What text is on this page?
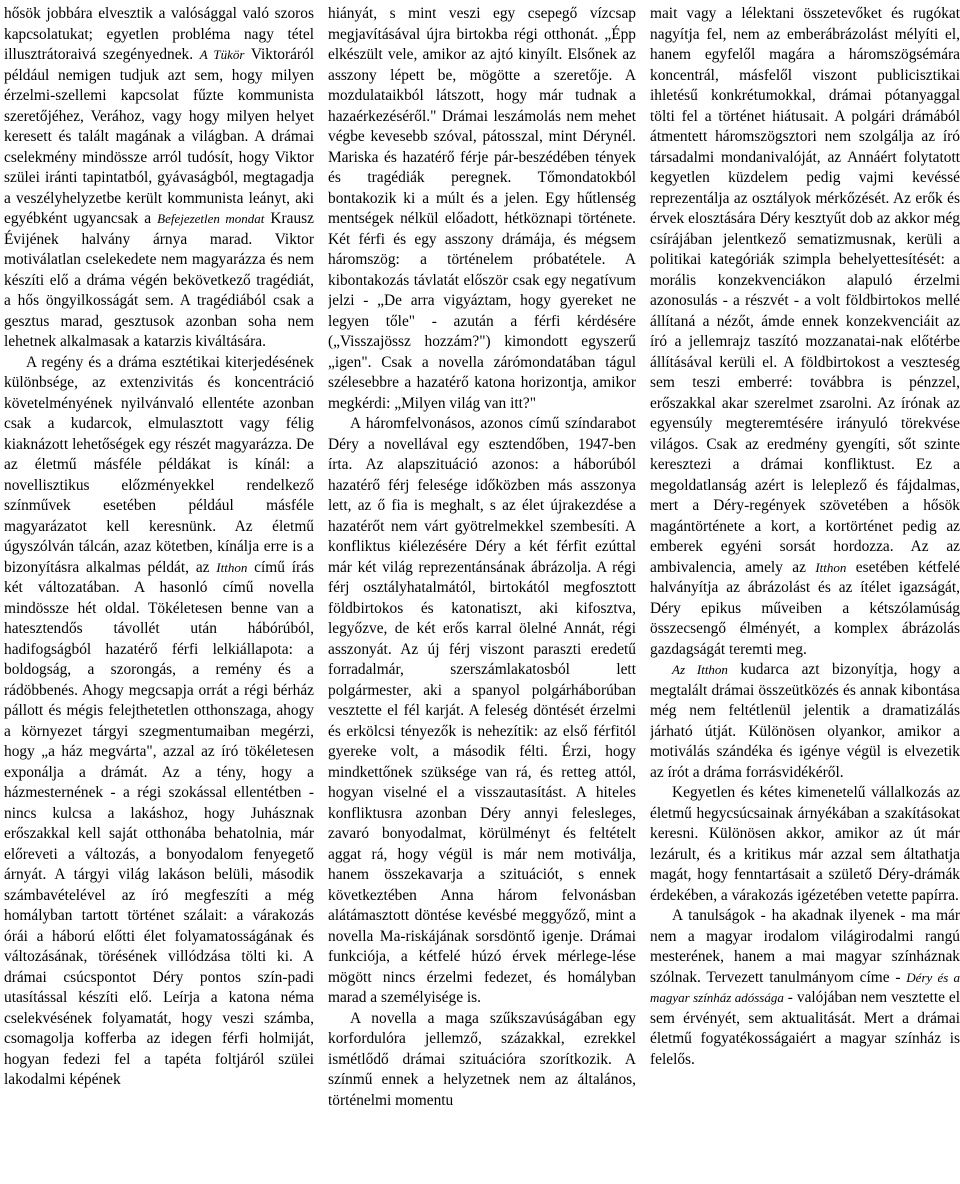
hősök jobbára elvesztik a valósággal való szoros kapcsolatukat; egyetlen probléma nagy tétel illusztrátoraivá szegényednek. A Tükör Viktoráról például nemigen tudjuk azt sem, hogy milyen érzelmi-szellemi kapcsolat fűzte kommunista szeretőjéhez, Verához, vagy hogy milyen helyet keresett és talált magának a világban. A drámai cselekmény mindössze arról tudósít, hogy Viktor szülei iránti tapintatból, gyávaságból, megtagadja a veszélyhelyzetbe került kommunista leányt, aki egyébként ugyancsak a Befejezetlen mondat Krausz Évijének halvány árnya marad. Viktor motiválatlan cselekedete nem magyarázza és nem készíti elő a dráma végén bekövetkező tragédiát, a hős öngyilkosságát sem. A tragédiából csak a gesztus marad, gesztusok azonban soha nem lehetnek alkalmasak a katarzis kiváltására.

A regény és a dráma esztétikai kiterjedésének különbsége, az extenzivitás és koncentráció követelményének nyilvánvaló ellentéte azonban csak a kudarcok, elmulasztott vagy félig kiaknázott lehetőségek egy részét magyarázza. De az életmű másféle példákat is kínál: a novellisztikus előzményekkel rendelkező színművek esetében például másféle magyarázatot kell keresnünk. Az életmű úgyszólván tálcán, azaz kötetben, kínálja erre is a bizonyításra alkalmas példát, az Itthon című írás két változatában. A hasonló című novella mindössze hét oldal. Tökéletesen benne van a hatesztendős távollét után hábórúból, hadifogságból hazatérő férfi lelkiállapota: a boldogság, a szorongás, a remény és a rádöbbenés. Ahogy megcsapja orrát a régi bérház pállott és mégis felejthetetlen otthonszaga, ahogy a környezet tárgyi szegmentumaiban megérzi, hogy „a ház megvárta", azzal az író tökéletesen exponálja a drámát. Az a tény, hogy a házmesternének - a régi szokással ellentétben - nincs kulcsa a lakáshoz, hogy Juhásznak erőszakkal kell saját otthonába behatolnia, már előreveti a változás, a bonyodalom fenyegető árnyát. A tárgyi világ lakáson belüli, második számbavételével az író megfeszíti a még homályban tartott történet szálait: a várakozás órái a háború előtti élet folyamatosságának és változásának, törésének villódzása tölti ki. A drámai csúcspontot Déry pontos szín-padi utasítással készíti elő. Leírja a katona néma cselekvésének folyamatát, hogy veszi számba, csomagolja kofferba az idegen férfi holmiját, hogyan fedezi fel a tapéta foltjáról szülei lakodalmi képének

hiányát, s mint veszi egy csepegő vízcsap megjavításával újra birtokba régi otthonát. „Épp elkészült vele, amikor az ajtó kinyílt. Elsőnek az asszony lépett be, mögötte a szeretője. A mozdulataikból látszott, hogy már tudnak a hazaérkezéséről." Drámai leszámolás nem mehet végbe kevesebb szóval, pátosszal, mint Dérynél. Mariska és hazatérő férje pár-beszédében tények és tragédiák peregnek. Tőmondatokból bontakozik ki a múlt és a jelen. Egy hűtlenség mentségek nélkül előadott, hétköznapi története. Két férfi és egy asszony drámája, és mégsem háromszög: a történelem próbatétele. A kibontakozás távlatát először csak egy negatívum jelzi - „De arra vigyáztam, hogy gyereket ne legyen tőle" - azután a férfi kérdésére („Visszajössz hozzám?") kimondott egyszerű „igen". Csak a novella zárómondatában tágul szélesebbre a hazatérő katona horizontja, amikor megkérdi: „Milyen világ van itt?"

A háromfelvonásos, azonos című színdarabot Déry a novellával egy esztendőben, 1947-ben írta. Az alapszituáció azonos: a háborúból hazatérő férj felesége időközben más asszonya lett, az ő fia is meghalt, s az élet újrakezdése a hazatérőt nem várt gyötrelmekkel szembesíti. A konfliktus kiélezésére Déry a két férfit ezúttal már két világ reprezentánsának ábrázolja. A régi férj osztályhatalmától, birtokától megfosztott földbirtokos és katonatiszt, aki kifosztva, legyőzve, de két erős karral ölelné Annát, régi asszonyát. Az új férj viszont paraszti eredetű forradalmár, szerszámlakatosból lett polgármester, aki a spanyol polgárháborúban vesztette el fél karját. A feleség döntését érzelmi és erkölcsi tényezők is nehezítik: az első férfitól gyereke volt, a második félti. Érzi, hogy mindkettőnek szüksége van rá, és retteg attól, hogyan viselné el a visszautasítást. A hiteles konfliktusra azonban Déry annyi felesleges, zavaró bonyodalmat, körülményt és feltételt aggat rá, hogy végül is már nem motiválja, hanem összekavarja a szituációt, s ennek következtében Anna három felvonásban alátámasztott döntése kevésbé meggyőző, mint a novella Ma-riskájának sorsdöntő igenje. Drámai funkciója, a kétfelé húzó érvek mérlege-lése mögött nincs érzelmi fedezet, és homályban marad a személyisége is.

A novella a maga szűkszavúságában egy korfordulóra jellemző, százakkal, ezrekkel ismétlődő drámai szituációra szorítkozik. A színmű ennek a helyzetnek nem az általános, történelmi momentu

mait vagy a lélektani összetevőket és rugókat nagyítja fel, nem az emberábrázolást mélyíti el, hanem egyfelől magára a háromszögsémára koncentrál, másfelől viszont publicisztikai ihletésű konkrétumokkal, drámai pótanyaggal tölti fel a történet hiátusait. A polgári drámából átmentett háromszögsztori nem szolgálja az író társadalmi mondanivalóját, az Annáért folytatott kegyetlen küzdelem pedig vajmi kevéssé reprezentálja az osztályok mérkőzését. Az erők és érvek elosztására Déry kesztyűt dob az akkor még csírájában jelentkező sematizmusnak, kerüli a politikai kategóriák szimpla behelyettesítését: a morális konzekvenciákon alapuló érzelmi azonosulás - a részvét - a volt földbirtokos mellé állítaná a nézőt, ámde ennek konzekvenciáit az író a jellemrajz taszító mozzanatai-nak előtérbe állításával kerüli el. A földbirtokost a veszteség sem teszi emberré: továbbra is pénzzel, erőszakkal akar szerelmet zsarolni. Az írónak az egyensúly megteremtésére irányuló törekvése világos. Csak az eredmény gyengíti, sőt szinte keresztezi a drámai konfliktust. Ez a megoldatlanság azért is leleplező és fájdalmas, mert a Déry-regények szövetében a hősök magántörténete a kort, a kortörténet pedig az emberek egyéni sorsát hordozza. Az az ambivalencia, amely az Itthon esetében kétfelé halványítja az ábrázolást és az ítélet igazságát, Déry epikus műveiben a kétszólamúság összecsengő élményét, a komplex ábrázolás gazdagságát teremti meg.

Az Itthon kudarca azt bizonyítja, hogy a megtalált drámai összeütközés és annak kibontása még nem feltétlenül jelentik a dramatizálás járható útját. Különösen olyankor, amikor a motiválás szándéka és igénye végül is elvezetik az írót a dráma forrásvidékéről.

Kegyetlen és kétes kimenetelű vállalkozás az életmű hegycsúcsainak árnyékában a szakításokat keresni. Különösen akkor, amikor az út már lezárult, és a kritikus már azzal sem áltathatja magát, hogy fenntartásait a születő Déry-drámák érdekében, a várakozás igézetében vetette papírra.

A tanulságok - ha akadnak ilyenek - ma már nem a magyar irodalom világirodalmi rangú mesterének, hanem a mai magyar színháznak szólnak. Tervezett tanulmányom címe - Déry és a magyar színház adóssága - valójában nem vesztette el sem érvényét, sem aktualitását. Mert a drámai életmű fogyatékosságaiért a magyar színház is felelős.
